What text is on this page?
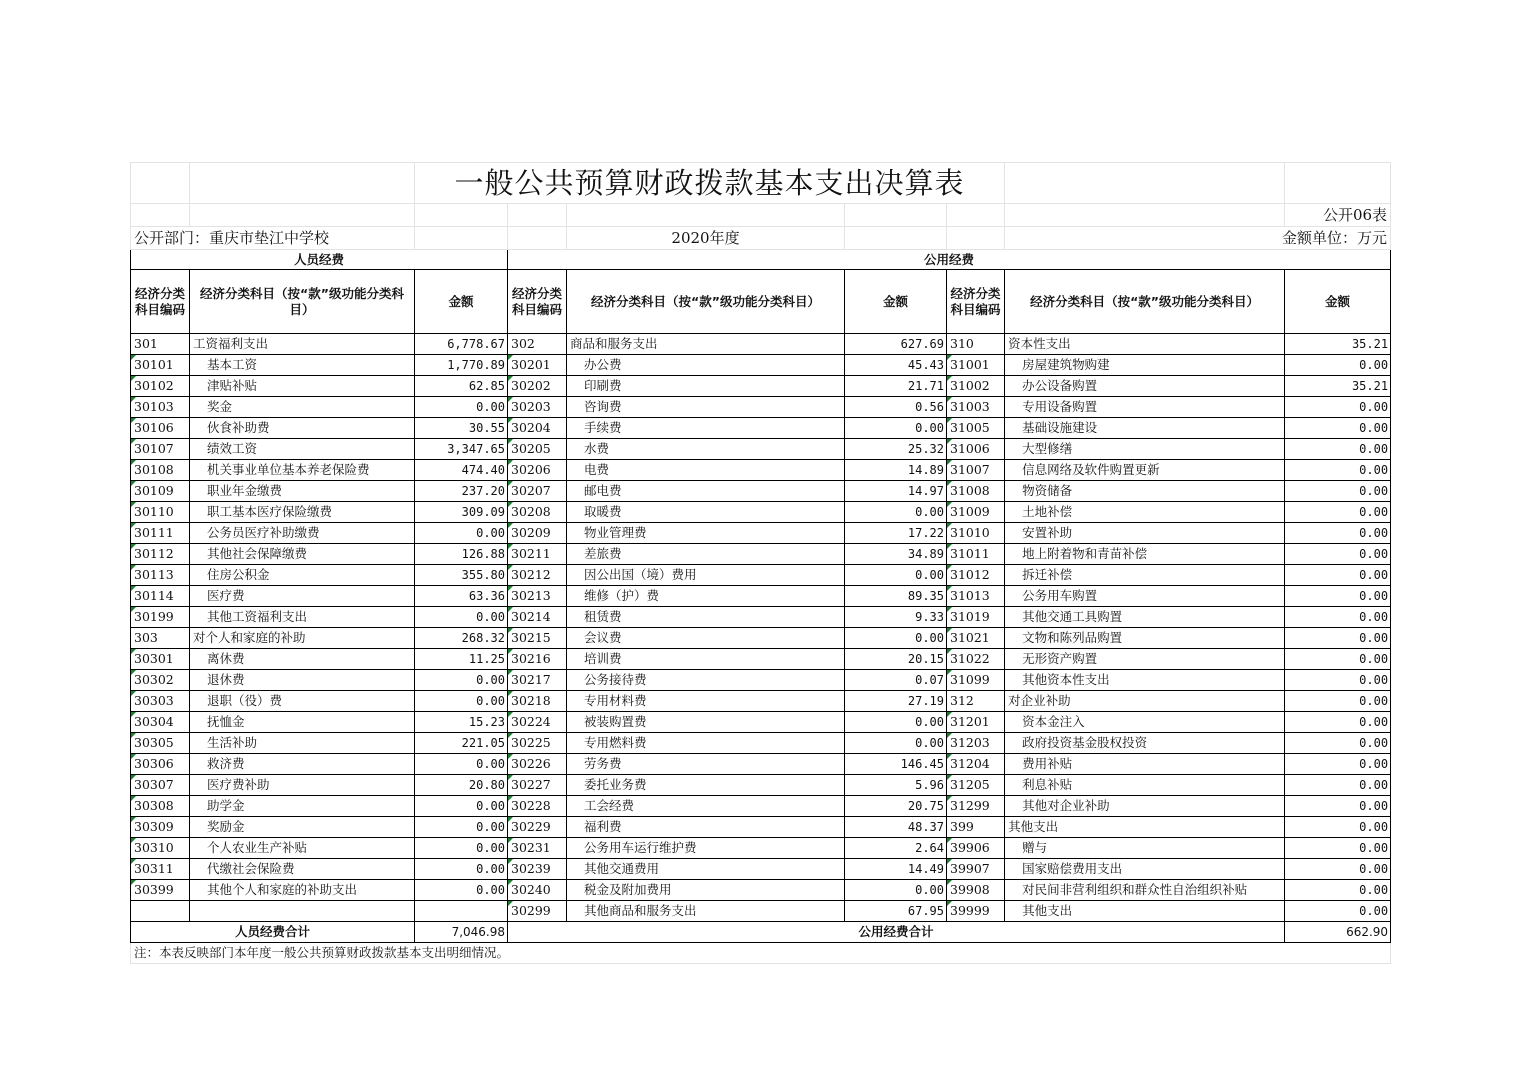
		一般公共预算财政拨款基本支出决算表						
								公开06表
公开部门：重庆市垫江中学校				2020年度			金额单位：万元	
人员经费			公用经费					
经济分类科目编码	经济分类科目（按“款”级功能分类科目）	金额	经济分类科目编码	经济分类科目（按“款”级功能分类科目）	金额	经济分类科目编码	经济分类科目（按“款”级功能分类科目）	金额
301	工资福利支出	6,778.67	302	商品和服务支出	627.69	310	资本性支出	35.21
30101	基本工资	1,770.89	30201	办公费	45.43	31001	房屋建筑物购建	0.00
30102	津贴补贴	62.85	30202	印刷费	21.71	31002	办公设备购置	35.21
30103	奖金	0.00	30203	咨询费	0.56	31003	专用设备购置	0.00
30106	伙食补助费	30.55	30204	手续费	0.00	31005	基础设施建设	0.00
30107	绩效工资	3,347.65	30205	水费	25.32	31006	大型修缮	0.00
30108	机关事业单位基本养老保险费	474.40	30206	电费	14.89	31007	信息网络及软件购置更新	0.00
30109	职业年金缴费	237.20	30207	邮电费	14.97	31008	物资储备	0.00
30110	职工基本医疗保险缴费	309.09	30208	取暖费	0.00	31009	土地补偿	0.00
30111	公务员医疗补助缴费	0.00	30209	物业管理费	17.22	31010	安置补助	0.00
30112	其他社会保障缴费	126.88	30211	差旅费	34.89	31011	地上附着物和青苗补偿	0.00
30113	住房公积金	355.80	30212	因公出国（境）费用	0.00	31012	拆迁补偿	0.00
30114	医疗费	63.36	30213	维修（护）费	89.35	31013	公务用车购置	0.00
30199	其他工资福利支出	0.00	30214	租赁费	9.33	31019	其他交通工具购置	0.00
303	对个人和家庭的补助	268.32	30215	会议费	0.00	31021	文物和陈列品购置	0.00
30301	离休费	11.25	30216	培训费	20.15	31022	无形资产购置	0.00
30302	退休费	0.00	30217	公务接待费	0.07	31099	其他资本性支出	0.00
30303	退职（役）费	0.00	30218	专用材料费	27.19	312	对企业补助	0.00
30304	抚恤金	15.23	30224	被装购置费	0.00	31201	资本金注入	0.00
30305	生活补助	221.05	30225	专用燃料费	0.00	31203	政府投资基金股权投资	0.00
30306	救济费	0.00	30226	劳务费	146.45	31204	费用补贴	0.00
30307	医疗费补助	20.80	30227	委托业务费	5.96	31205	利息补贴	0.00
30308	助学金	0.00	30228	工会经费	20.75	31299	其他对企业补助	0.00
30309	奖励金	0.00	30229	福利费	48.37	399	其他支出	0.00
30310	个人农业生产补贴	0.00	30231	公务用车运行维护费	2.64	39906	赠与	0.00
30311	代缴社会保险费	0.00	30239	其他交通费用	14.49	39907	国家赔偿费用支出	0.00
30399	其他个人和家庭的补助支出	0.00	30240	税金及附加费用	0.00	39908	对民间非营利组织和群众性自治组织补贴	0.00
			30299	其他商品和服务支出	67.95	39999	其他支出	0.00
人员经费合计		7,046.98	公用经费合计					662.90
注：本表反映部门本年度一般公共预算财政拨款基本支出明细情况。								
